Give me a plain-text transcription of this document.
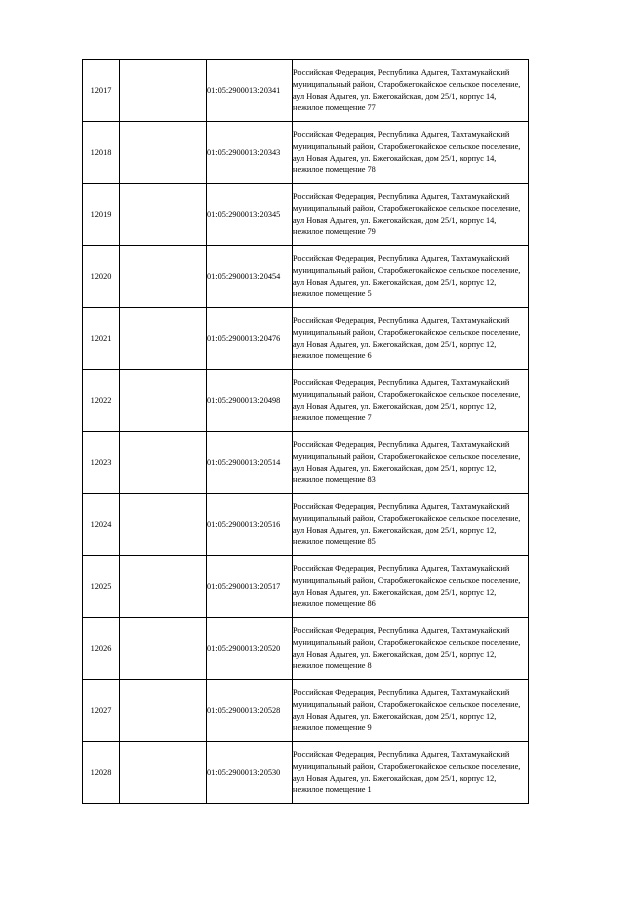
12017		01:05:2900013:20341	Российская Федерация, Республика Адыгея, Тахтамукайский муниципальный район, Старобжегокайское сельское поселение, аул Новая Адыгея, ул. Бжегокайская, дом 25/1, корпус 14, нежилое помещение 77
12018		01:05:2900013:20343	Российская Федерация, Республика Адыгея, Тахтамукайский муниципальный район, Старобжегокайское сельское поселение, аул Новая Адыгея, ул. Бжегокайская, дом 25/1, корпус 14, нежилое помещение 78
12019		01:05:2900013:20345	Российская Федерация, Республика Адыгея, Тахтамукайский муниципальный район, Старобжегокайское сельское поселение, аул Новая Адыгея, ул. Бжегокайская, дом 25/1, корпус 14, нежилое помещение 79
12020		01:05:2900013:20454	Российская Федерация, Республика Адыгея, Тахтамукайский муниципальный район, Старобжегокайское сельское поселение, аул Новая Адыгея, ул. Бжегокайская, дом 25/1, корпус 12, нежилое помещение 5
12021		01:05:2900013:20476	Российская Федерация, Республика Адыгея, Тахтамукайский муниципальный район, Старобжегокайское сельское поселение, аул Новая Адыгея, ул. Бжегокайская, дом 25/1, корпус 12, нежилое помещение 6
12022		01:05:2900013:20498	Российская Федерация, Республика Адыгея, Тахтамукайский муниципальный район, Старобжегокайское сельское поселение, аул Новая Адыгея, ул. Бжегокайская, дом 25/1, корпус 12, нежилое помещение 7
12023		01:05:2900013:20514	Российская Федерация, Республика Адыгея, Тахтамукайский муниципальный район, Старобжегокайское сельское поселение, аул Новая Адыгея, ул. Бжегокайская, дом 25/1, корпус 12, нежилое помещение 83
12024		01:05:2900013:20516	Российская Федерация, Республика Адыгея, Тахтамукайский муниципальный район, Старобжегокайское сельское поселение, аул Новая Адыгея, ул. Бжегокайская, дом 25/1, корпус 12, нежилое помещение 85
12025		01:05:2900013:20517	Российская Федерация, Республика Адыгея, Тахтамукайский муниципальный район, Старобжегокайское сельское поселение, аул Новая Адыгея, ул. Бжегокайская, дом 25/1, корпус 12, нежилое помещение 86
12026		01:05:2900013:20520	Российская Федерация, Республика Адыгея, Тахтамукайский муниципальный район, Старобжегокайское сельское поселение, аул Новая Адыгея, ул. Бжегокайская, дом 25/1, корпус 12, нежилое помещение 8
12027		01:05:2900013:20528	Российская Федерация, Республика Адыгея, Тахтамукайский муниципальный район, Старобжегокайское сельское поселение, аул Новая Адыгея, ул. Бжегокайская, дом 25/1, корпус 12, нежилое помещение 9
12028		01:05:2900013:20530	Российская Федерация, Республика Адыгея, Тахтамукайский муниципальный район, Старобжегокайское сельское поселение, аул Новая Адыгея, ул. Бжегокайская, дом 25/1, корпус 12, нежилое помещение 1
